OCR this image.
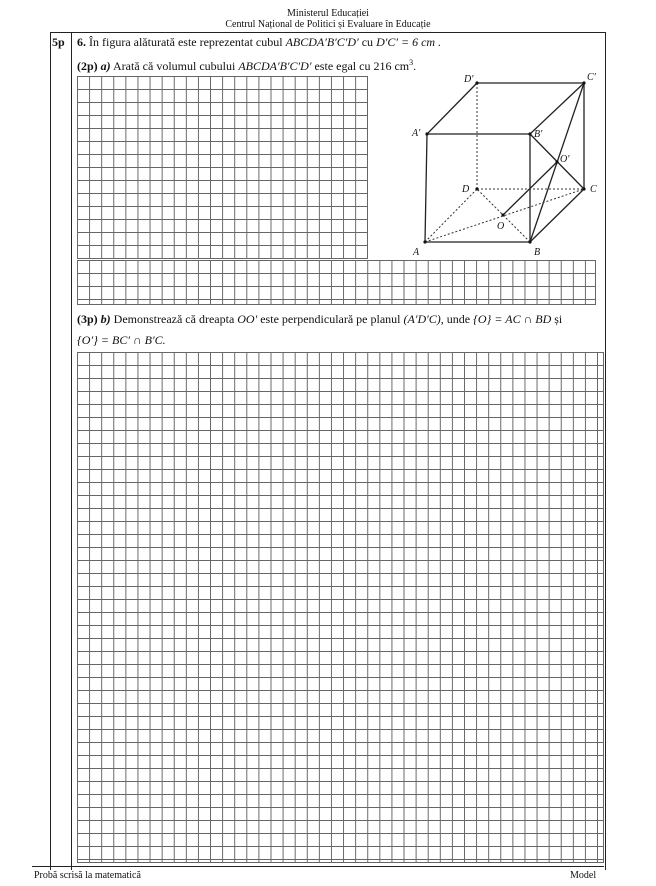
Ministerul Educației
Centrul Național de Politici și Evaluare în Educație
5p 6. În figura alăturată este reprezentat cubul ABCDA′B′C′D′ cu D′C′ = 6 cm .
(2p) a) Arată că volumul cubului ABCDA′B′C′D′ este egal cu 216 $cm^3$.
D′	C′
A′	B′
O′
D	C
O
A	B
(3p) b) Demonstrează că dreapta OO′ este perpendiculară pe planul (A′D′C), unde {O} = AC ∩ BD și
{O′} = BC′ ∩ B′C.
Probă scrisă la matematică	Model
